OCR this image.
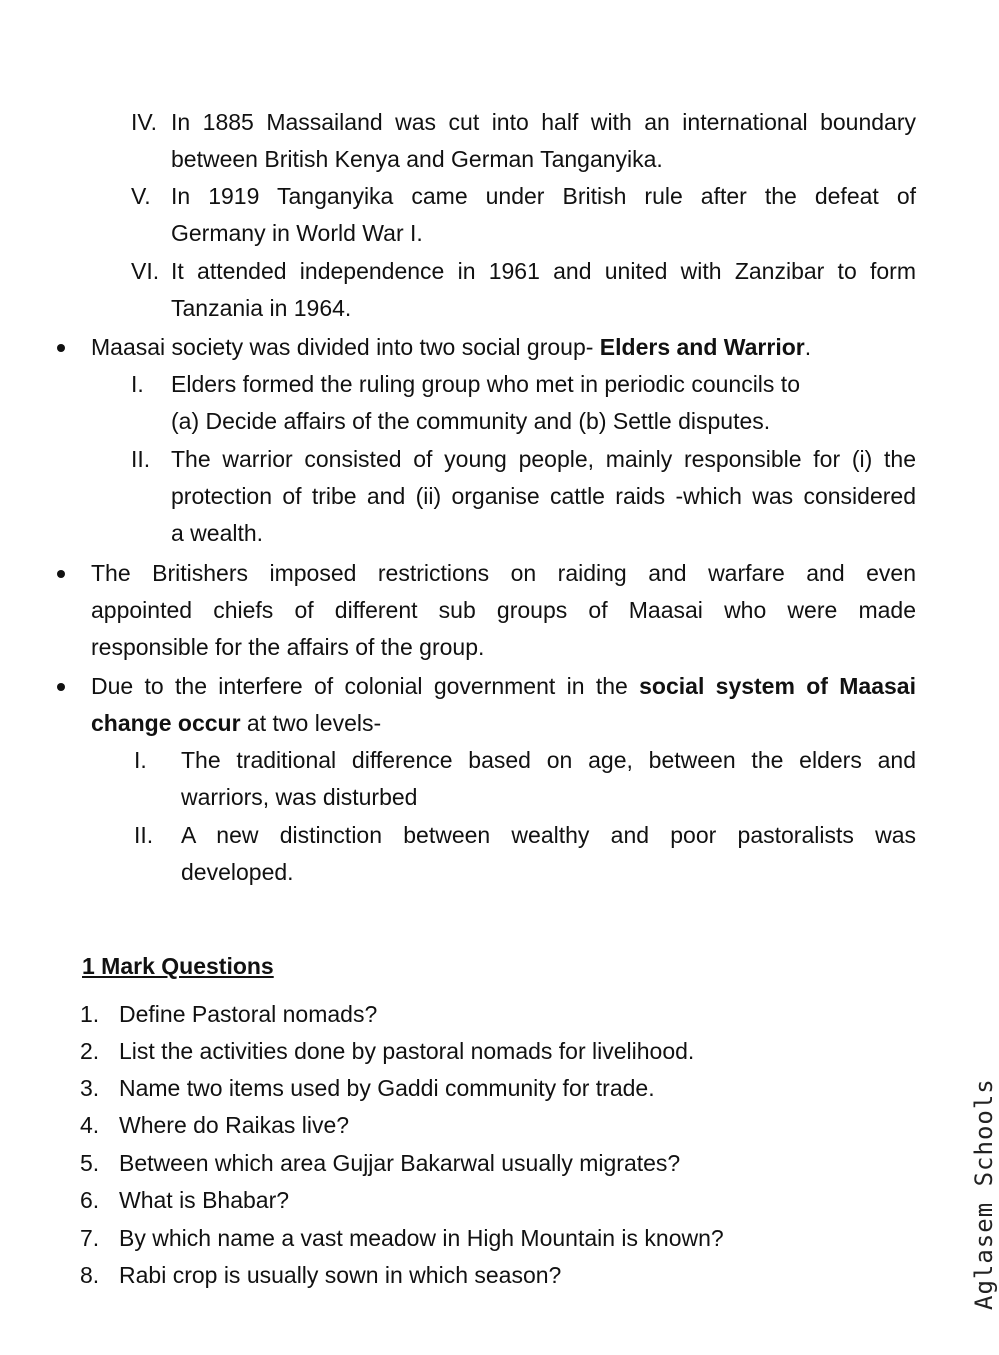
IV. In 1885 Massailand was cut into half with an international boundary
between British Kenya and German Tanganyika.
V. In 1919 Tanganyika came under British rule after the defeat of
Germany in World War I.
VI. It attended independence in 1961 and united with Zanzibar to form
Tanzania in 1964.
Maasai society was divided into two social group- Elders and Warrior.
I. Elders formed the ruling group who met in periodic councils to
(a) Decide affairs of the community and (b) Settle disputes.
II. The warrior consisted of young people, mainly responsible for (i) the
protection of tribe and (ii) organise cattle raids -which was considered
a wealth.
The Britishers imposed restrictions on raiding and warfare and even
appointed chiefs of different sub groups of Maasai who were made
responsible for the affairs of the group.
Due to the interfere of colonial government in the social system of Maasai
change occur at two levels-
I. The traditional difference based on age, between the elders and
warriors, was disturbed
II. A new distinction between wealthy and poor pastoralists was
developed.
1 Mark Questions
1. Define Pastoral nomads?
2. List the activities done by pastoral nomads for livelihood.
3. Name two items used by Gaddi community for trade.
4. Where do Raikas live?
5. Between which area Gujjar Bakarwal usually migrates?
6. What is Bhabar?
7. By which name a vast meadow in High Mountain is known?
8. Rabi crop is usually sown in which season?	Aglasem Schools
